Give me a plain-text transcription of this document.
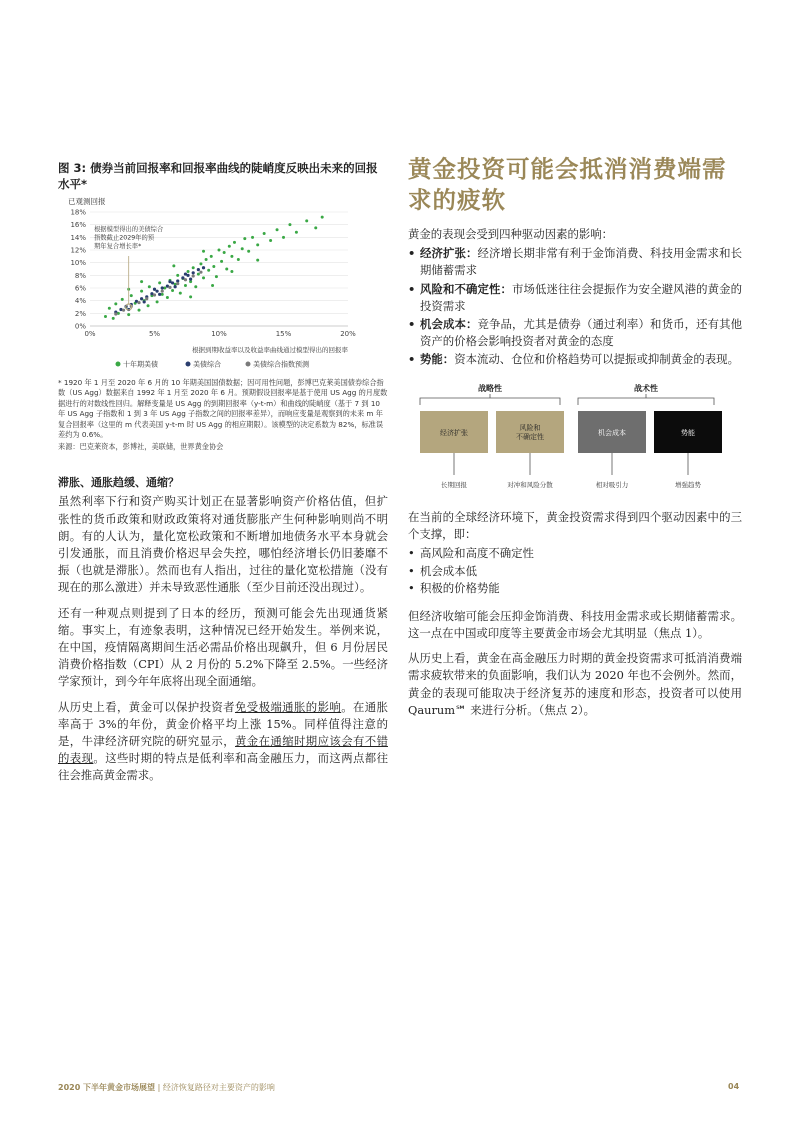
图 3: 债券当前回报率和回报率曲线的陡峭度反映出未来的回报水平*

已观测回报
0%
2%
4%
6%
8%
10%
12%
14%
16%
18%
0%	5%	10%	15%	20%
根据模型得出的美债综合指数截止2029年的预期年复合增长率*
根据到期收益率以及收益率曲线通过模型得出的回报率
十年期美债	美债综合	美债综合指数预测
* 1920 年 1 月至 2020 年 6 月的 10 年期美国国债数据；因可用性问题，彭博巴克莱美国债券综合指数（US Agg）数据来自 1992 年 1 月至 2020 年 6 月。预期假设回报率是基于使用 US Agg 的月度数据进行的对数线性回归。解释变量是 US Agg 的到期回报率（y-t-m）和曲线的陡峭度（基于 7 到 10 年 US Agg 子指数和 1 到 3 年 US Agg 子指数之间的回报率差异），而响应变量是观察到的未来 m 年复合回报率（这里的 m 代表美国 y-t-m 时 US Agg 的相应期限）。该模型的决定系数为 82%，标准误差约为 0.6%。
来源：巴克莱资本，彭博社，美联储，世界黄金协会
滞胀、通胀趋缓、通缩？

虽然利率下行和资产购买计划正在显著影响资产价格估值，但扩张性的货币政策和财政政策将对通货膨胀产生何种影响则尚不明朗。有的人认为，量化宽松政策和不断增加地债务水平本身就会引发通胀，而且消费价格迟早会失控，哪怕经济增长仍旧萎靡不振（也就是滞胀）。然而也有人指出，过往的量化宽松措施（没有现在的那么激进）并未导致恶性通胀（至少目前还没出现过）。

还有一种观点则提到了日本的经历，预测可能会先出现通货紧缩。事实上，有迹象表明，这种情况已经开始发生。举例来说，在中国，疫情隔离期间生活必需品价格出现飙升，但 6 月份居民消费价格指数（CPI）从 2 月份的 5.2%下降至 2.5%。一些经济学家预计，到今年年底将出现全面通缩。

从历史上看，黄金可以保护投资者免受极端通胀的影响。在通胀率高于 3%的年份，黄金价格平均上涨 15%。同样值得注意的是，牛津经济研究院的研究显示，黄金在通缩时期应该会有不错的表现。这些时期的特点是低利率和高金融压力，而这两点都往往会推高黄金需求。

黄金投资可能会抵消消费端需求的疲软

黄金的表现会受到四种驱动因素的影响：

• 经济扩张：经济增长期非常有利于金饰消费、科技用金需求和长期储蓄需求
• 风险和不确定性：市场低迷往往会提振作为安全避风港的黄金的投资需求
• 机会成本：竞争品，尤其是债券（通过利率）和货币，还有其他资产的价格会影响投资者对黄金的态度
• 势能：资本流动、仓位和价格趋势可以提振或抑制黄金的表现。
战略性	战术性
经济扩张
风险和不确定性	机会成本	势能
长期回报	对冲和风险分散	相对吸引力	增强趋势

在当前的全球经济环境下，黄金投资需求得到四个驱动因素中的三个支撑，即：

• 高风险和高度不确定性
• 机会成本低
• 积极的价格势能

但经济收缩可能会压抑金饰消费、科技用金需求或长期储蓄需求。这一点在中国或印度等主要黄金市场会尤其明显（焦点 1）。

从历史上看，黄金在高金融压力时期的黄金投资需求可抵消消费端需求疲软带来的负面影响，我们认为 2020 年也不会例外。然而，黄金的表现可能取决于经济复苏的速度和形态，投资者可以使用 Qaurum℠ 来进行分析。（焦点 2）。

2020 下半年黄金市场展望 | 经济恢复路径对主要资产的影响	04
